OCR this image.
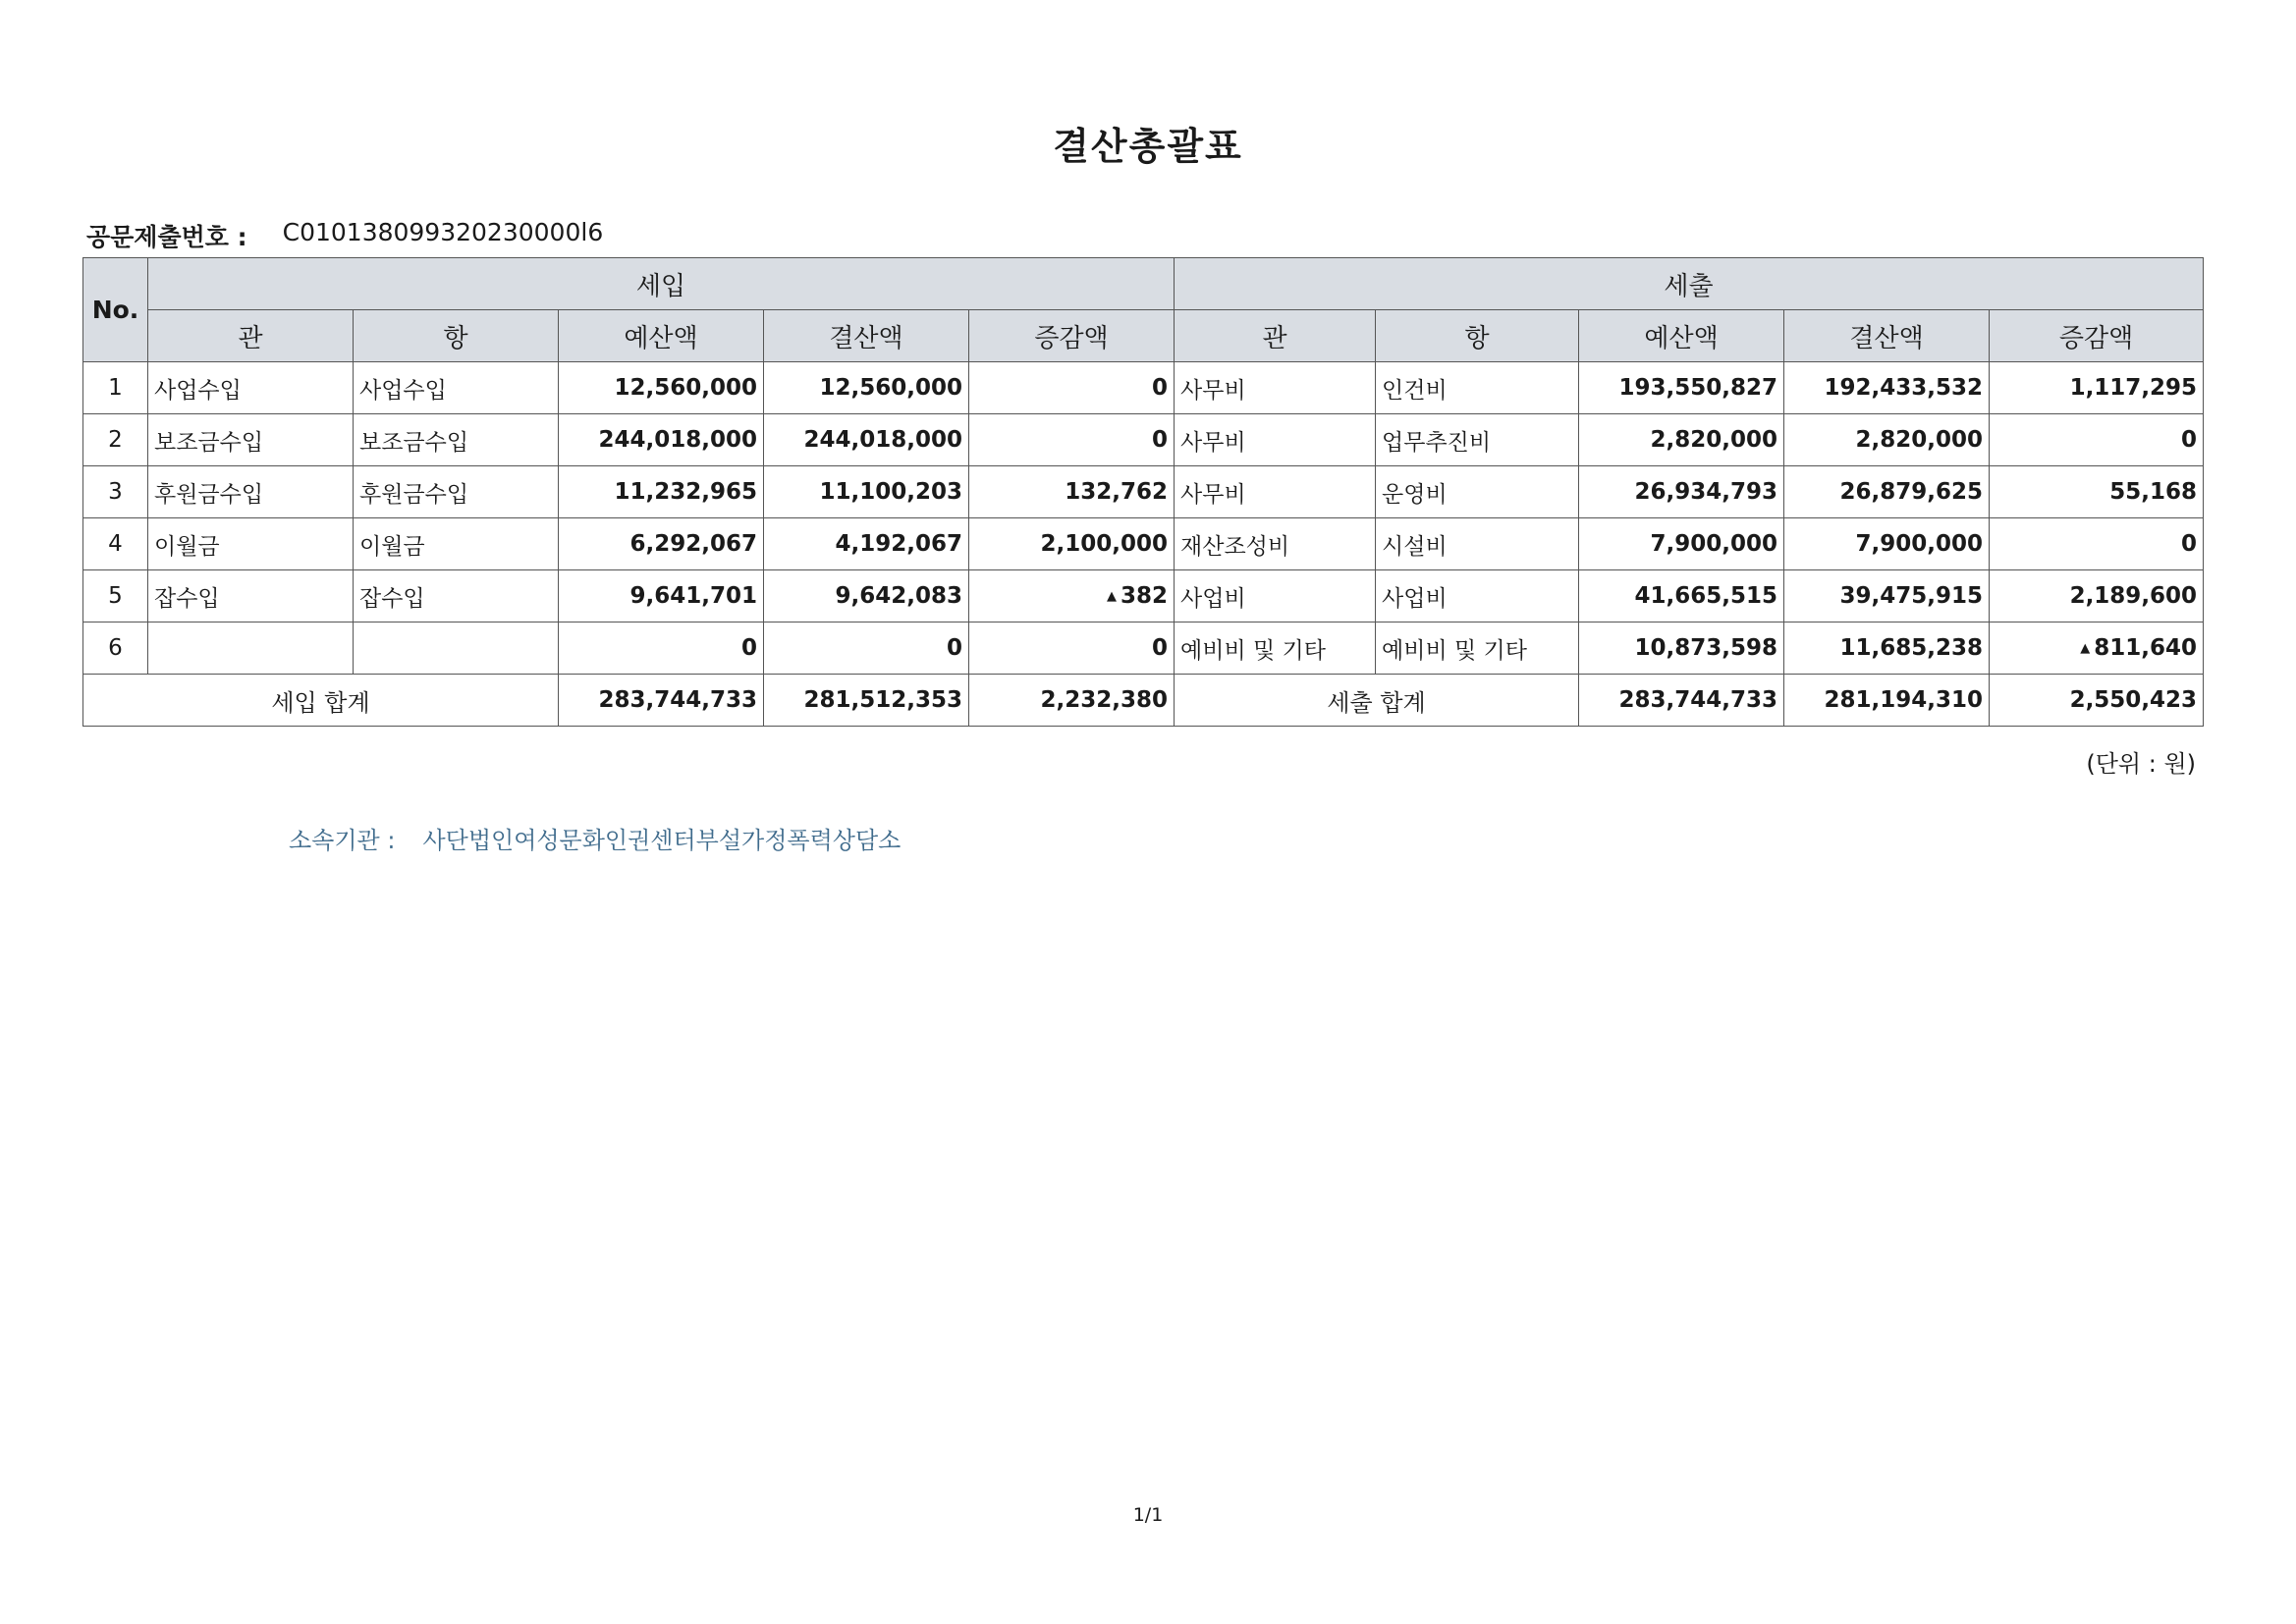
결산총괄표
공문제출번호 : C010138099320230000l6
No.	세입					세출				
	관	항	예산액	결산액	증감액	관	항	예산액	결산액	증감액
1	사업수입	사업수입	12,560,000	12,560,000	0	사무비	인건비	193,550,827	192,433,532	1,117,295
2	보조금수입	보조금수입	244,018,000	244,018,000	0	사무비	업무추진비	2,820,000	2,820,000	0
3	후원금수입	후원금수입	11,232,965	11,100,203	132,762	사무비	운영비	26,934,793	26,879,625	55,168
4	이월금	이월금	6,292,067	4,192,067	2,100,000	재산조성비	시설비	7,900,000	7,900,000	0
5	잡수입	잡수입	9,641,701	9,642,083	▲ 382	사업비	사업비	41,665,515	39,475,915	2,189,600
6			0	0	0	예비비 및 기타	예비비 및 기타	10,873,598	11,685,238	▲ 811,640
세입 합계			283,744,733	281,512,353	2,232,380	세출 합계		283,744,733	281,194,310	2,550,423
(단위 : 원)
소속기관 : 사단법인여성문화인권센터부설가정폭력상담소
1/1
